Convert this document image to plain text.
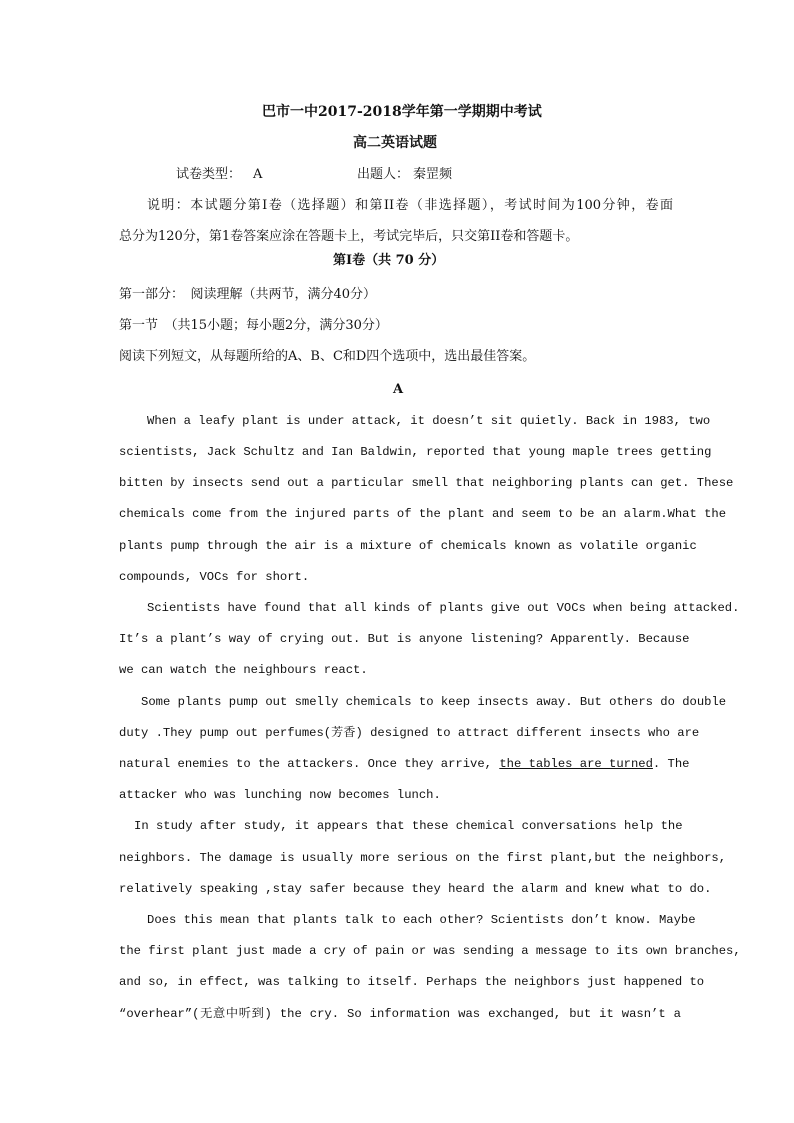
巴市一中2017-2018学年第一学期期中考试
高二英语试题
试卷类型： A	出题人： 秦罡频
说明：本试题分第Ⅰ卷（选择题）和第II卷（非选择题），考试时间为100分钟，卷面
总分为120分，第1卷答案应涂在答题卡上，考试完毕后，只交第II卷和答题卡。
第Ⅰ卷（共 70 分）
第一部分：　阅读理解（共两节，满分40分）
第一节　（共15小题；每小题2分，满分30分）
阅读下列短文，从每题所给的A、B、C和D四个选项中，选出最佳答案。
A
When a leafy plant is under attack, it doesn’t sit quietly. Back in 1983, two
scientists, Jack Schultz and Ian Baldwin, reported that young maple trees getting
bitten by insects send out a particular smell that neighboring plants can get. These
chemicals come from the injured parts of the plant and seem to be an alarm.What the
plants pump through the air is a mixture of chemicals known as volatile organic
compounds, VOCs for short.
Scientists have found that all kinds of plants give out VOCs when being attacked.
It’s a plant’s way of crying out. But is anyone listening? Apparently. Because
we can watch the neighbours react.
Some plants pump out smelly chemicals to keep insects away. But others do double
duty .They pump out perfumes(芳香) designed to attract different insects who are
natural enemies to the attackers. Once they arrive, the tables are turned . The
attacker who was lunching now becomes lunch.
In study after study, it appears that these chemical conversations help the
neighbors. The damage is usually more serious on the first plant,but the neighbors,
relatively speaking ,stay safer because they heard the alarm and knew what to do.
Does this mean that plants talk to each other? Scientists don’t know. Maybe
the first plant just made a cry of pain or was sending a message to its own branches,
and so, in effect, was talking to itself. Perhaps the neighbors just happened to
“overhear”(无意中听到) the cry. So information was exchanged, but it wasn’t a
